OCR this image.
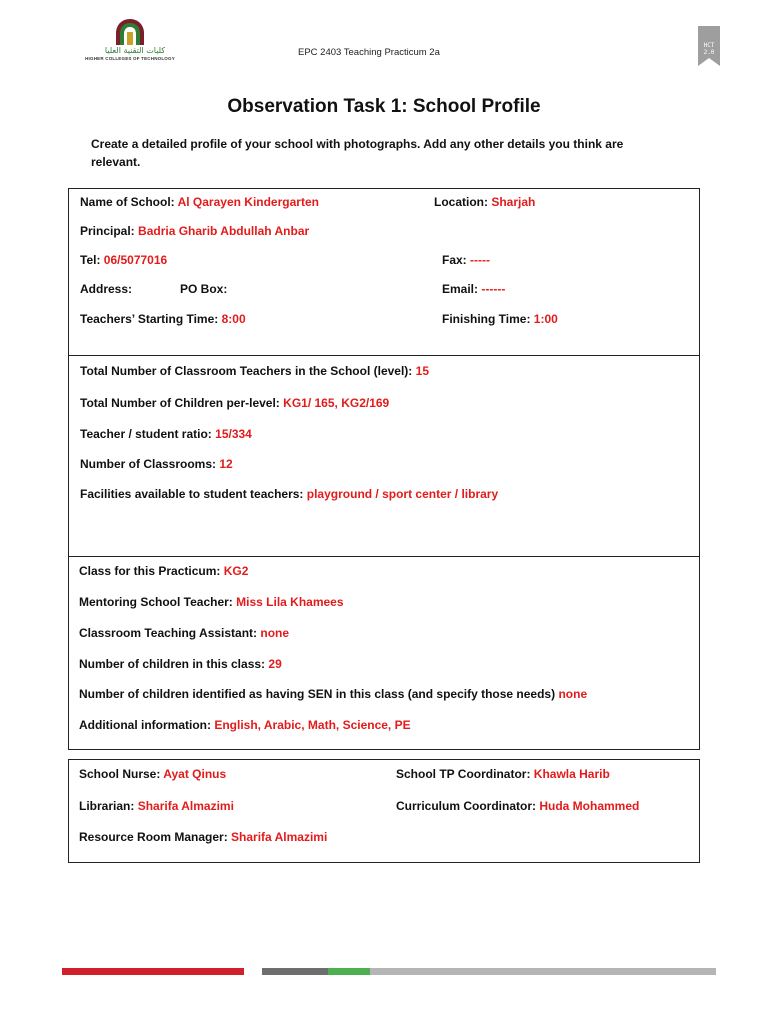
كليات التقنية العليا
HIGHER COLLEGES OF TECHNOLOGY
EPC 2403 Teaching Practicum 2a
HCT
2.0
Observation Task 1: School Profile
Create a detailed profile of your school with photographs. Add any other details you think are relevant.
Name of School: Al Qarayen Kindergarten	Location: Sharjah
Principal: Badria Gharib Abdullah Anbar
Tel: 06/5077016	Fax: -----
Address:	PO Box:	Email: ------
Teachers’ Starting Time: 8:00	Finishing Time: 1:00
Total Number of Classroom Teachers in the School (level): 15
Total Number of Children per-level: KG1/ 165, KG2/169
Teacher / student ratio: 15/334
Number of Classrooms: 12
Facilities available to student teachers: playground / sport center / library
Class for this Practicum: KG2
Mentoring School Teacher: Miss Lila Khamees
Classroom Teaching Assistant: none
Number of children in this class: 29
Number of children identified as having SEN in this class (and specify those needs) none
Additional information: English, Arabic, Math, Science, PE
School Nurse: Ayat Qinus	School TP Coordinator: Khawla Harib
Librarian: Sharifa Almazimi	Curriculum Coordinator: Huda Mohammed
Resource Room Manager: Sharifa Almazimi
